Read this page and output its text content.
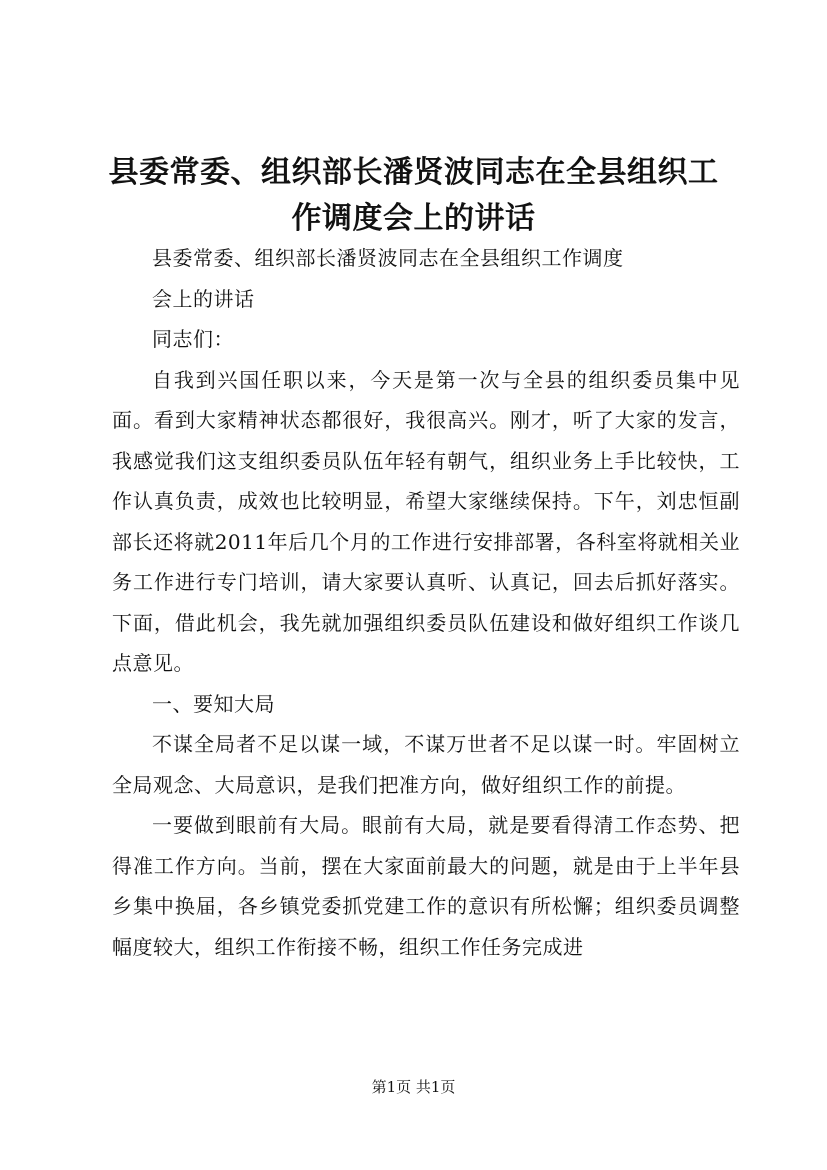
县委常委、组织部长潘贤波同志在全县组织工作调度会上的讲话

县委常委、组织部长潘贤波同志在全县组织工作调度

会上的讲话

同志们：

自我到兴国任职以来，今天是第一次与全县的组织委员集中见面。看到大家精神状态都很好，我很高兴。刚才，听了大家的发言，我感觉我们这支组织委员队伍年轻有朝气，组织业务上手比较快，工作认真负责，成效也比较明显，希望大家继续保持。下午，刘忠恒副部长还将就2011年后几个月的工作进行安排部署，各科室将就相关业务工作进行专门培训，请大家要认真听、认真记，回去后抓好落实。下面，借此机会，我先就加强组织委员队伍建设和做好组织工作谈几点意见。

一、要知大局

不谋全局者不足以谋一域，不谋万世者不足以谋一时。牢固树立全局观念、大局意识，是我们把准方向，做好组织工作的前提。

一要做到眼前有大局。眼前有大局，就是要看得清工作态势、把得准工作方向。当前，摆在大家面前最大的问题，就是由于上半年县乡集中换届，各乡镇党委抓党建工作的意识有所松懈；组织委员调整幅度较大，组织工作衔接不畅，组织工作任务完成进

第1页 共1页
